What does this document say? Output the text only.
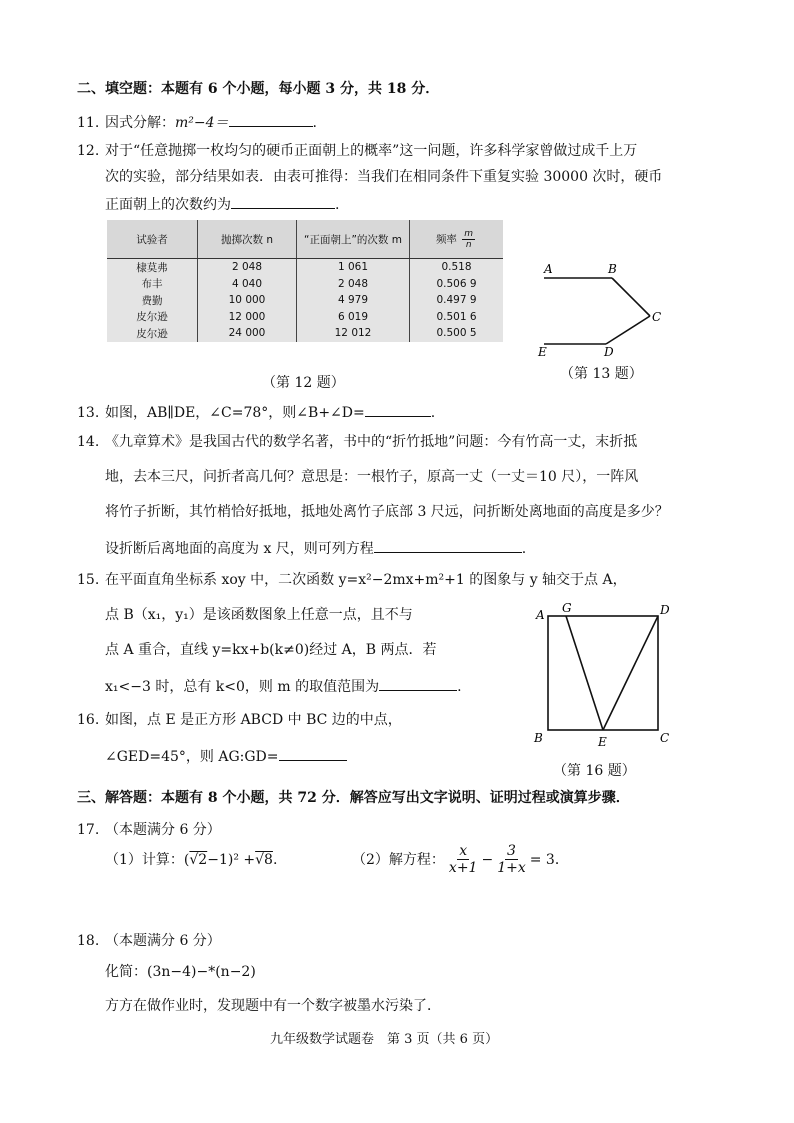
二、填空题：本题有 6 个小题，每小题 3 分，共 18 分．
11. 因式分解：m²−4＝	.
12. 对于“任意抛掷一枚均匀的硬币正面朝上的概率”这一问题，许多科学家曾做过成千上万
次的实验，部分结果如表．由表可推得：当我们在相同条件下重复实验 30000 次时，硬币
正面朝上的次数约为	.
试验者	抛掷次数 n	“正面朝上”的次数 m	频率 $\frac{m}{n}$

棣莫弗	2 048	1 061	0.518
布丰	4 040	2 048	0.506 9
费勤	10 000	4 979	0.497 9
皮尔逊	12 000	6 019	0.501 6
皮尔逊	24 000	12 012	0.500 5
（第 12 题）
A	B
C
D
E
（第 13 题）
13. 如图，AB∥DE，∠C=78°，则∠B+∠D=	.
14. 《九章算术》是我国古代的数学名著，书中的“折竹抵地”问题：今有竹高一丈，末折抵
地，去本三尺，问折者高几何？意思是：一根竹子，原高一丈（一丈＝10 尺），一阵风
将竹子折断，其竹梢恰好抵地，抵地处离竹子底部 3 尺远，问折断处离地面的高度是多少？
设折断后离地面的高度为 x 尺，则可列方程	.
15. 在平面直角坐标系 xoy 中，二次函数 y=x²−2mx+m²+1 的图象与 y 轴交于点 A，
点 B（x₁，y₁）是该函数图象上任意一点，且不与
点 A 重合，直线 y=kx+b(k≠0)经过 A，B 两点．若
x₁<−3 时，总有 k<0，则 m 的取值范围为	.
A G	D
B	E	C
（第 16 题）
16. 如图，点 E 是正方形 ABCD 中 BC 边的中点，
∠GED=45°，则 AG:GD=
三、解答题：本题有 8 个小题，共 72 分．解答应写出文字说明、证明过程或演算步骤．
17. （本题满分 6 分）
（1）计算：(√2−1)² +√8.	（2）解方程： $\frac{x}{x+1} - \frac{3}{1+x} = 3$．
18. （本题满分 6 分）
化简：(3n−4)−*(n−2)
方方在做作业时，发现题中有一个数字被墨水污染了．
九年级数学试题卷　第 3 页（共 6 页）
